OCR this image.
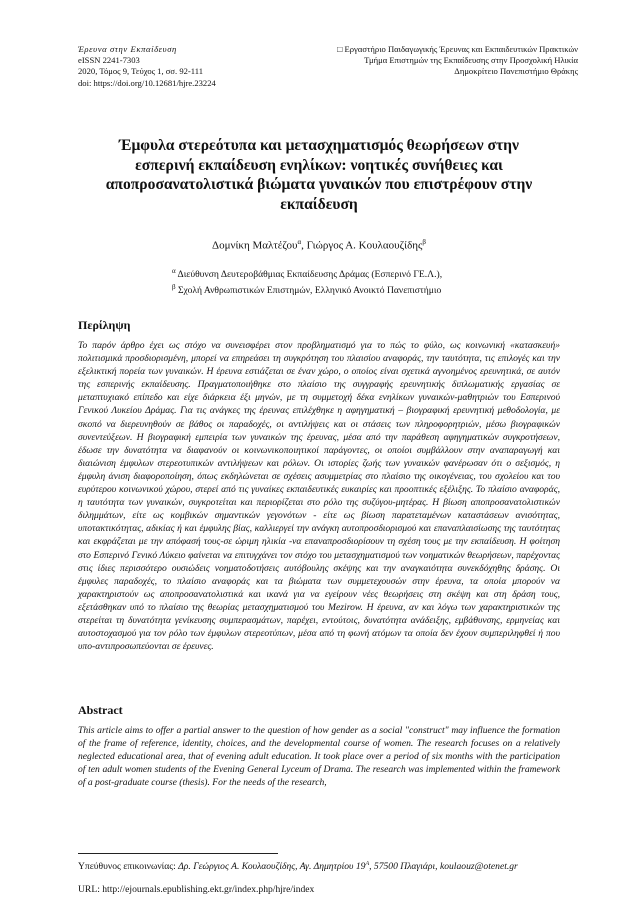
Έρευνα στην Εκπαίδευση
eISSN 2241-7303
2020, Τόμος 9, Τεύχος 1, σσ. 92-111
doi: https://doi.org/10.12681/hjre.23224
□ Εργαστήριο Παιδαγωγικής Έρευνας και Εκπαιδευτικών Πρακτικών
Τμήμα Επιστημών της Εκπαίδευσης στην Προσχολική Ηλικία
Δημοκρίτειο Πανεπιστήμιο Θράκης
Έμφυλα στερεότυπα και μετασχηματισμός θεωρήσεων στην
εσπερινή εκπαίδευση ενηλίκων: νοητικές συνήθειες και
αποπροσανατολιστικά βιώματα γυναικών που επιστρέφουν στην
εκπαίδευση
Δομνίκη Μαλτέζου$^\alpha$, Γιώργος Α. Κουλαουζίδης$^\beta$
$^\alpha$ Διεύθυνση Δευτεροβάθμιας Εκπαίδευσης Δράμας (Εσπερινό ΓΕ.Λ.),
$^\beta$ Σχολή Ανθρωπιστικών Επιστημών, Ελληνικό Ανοικτό Πανεπιστήμιο
Περίληψη
Το παρόν άρθρο έχει ως στόχο να συνεισφέρει στον προβληματισμό για το πώς το φύλο, ως κοινωνική «κατασκευή» πολιτισμικά προσδιορισμένη, μπορεί να επηρεάσει τη συγκρότηση του πλαισίου αναφοράς, την ταυτότητα, τις επιλογές και την εξελικτική πορεία των γυναικών. Η έρευνα εστιάζεται σε έναν χώρο, ο οποίος είναι σχετικά αγνοημένος ερευνητικά, σε αυτόν της εσπερινής εκπαίδευσης. Πραγματοποιήθηκε στο πλαίσιο της συγγραφής ερευνητικής διπλωματικής εργασίας σε μεταπτυχιακό επίπεδο και είχε διάρκεια έξι μηνών, με τη συμμετοχή δέκα ενηλίκων γυναικών-μαθητριών του Εσπερινού Γενικού Λυκείου Δράμας. Για τις ανάγκες της έρευνας επιλέχθηκε η αφηγηματική – βιογραφική ερευνητική μεθοδολογία, με σκοπό να διερευνηθούν σε βάθος οι παραδοχές, οι αντιλήψεις και οι στάσεις των πληροφορητριών, μέσω βιογραφικών συνεντεύξεων. Η βιογραφική εμπειρία των γυναικών της έρευνας, μέσα από την παράθεση αφηγηματικών συγκροτήσεων, έδωσε την δυνατότητα να διαφανούν οι κοινωνικοποιητικοί παράγοντες, οι οποίοι συμβάλλουν στην αναπαραγωγή και διαιώνιση έμφυλων στερεοτυπικών αντιλήψεων και ρόλων. Οι ιστορίες ζωής των γυναικών φανέρωσαν ότι ο σεξισμός, η έμφυλη άνιση διαφοροποίηση, όπως εκδηλώνεται σε σχέσεις ασυμμετρίας στο πλαίσιο της οικογένειας, του σχολείου και του ευρύτερου κοινωνικού χώρου, στερεί από τις γυναίκες εκπαιδευτικές ευκαιρίες και προοπτικές εξέλιξης. Το πλαίσιο αναφοράς, η ταυτότητα των γυναικών, συγκροτείται και περιορίζεται στο ρόλο της συζύγου-μητέρας. Η βίωση αποπροσανατολιστικών διλημμάτων, είτε ως κομβικών σημαντικών γεγονότων - είτε ως βίωση παρατεταμένων καταστάσεων ανισότητας, υποτακτικότητας, αδικίας ή και έμφυλης βίας, καλλιεργεί την ανάγκη αυτοπροσδιορισμού και επαναπλαισίωσης της ταυτότητας και εκφράζεται με την απόφασή τους-σε ώριμη ηλικία -να επαναπροσδιορίσουν τη σχέση τους με την εκπαίδευση. Η φοίτηση στο Εσπερινό Γενικό Λύκειο φαίνεται να επιτυγχάνει τον στόχο του μετασχηματισμού των νοηματικών θεωρήσεων, παρέχοντας στις ίδιες περισσότερο ουσιώδεις νοηματοδοτήσεις αυτόβουλης σκέψης και την αναγκαιότητα συνεκδόχηθης δράσης. Οι έμφυλες παραδοχές, το πλαίσιο αναφοράς και τα βιώματα των συμμετεχουσών στην έρευνα, τα οποία μπορούν να χαρακτηριστούν ως αποπροσανατολιστικά και ικανά για να εγείρουν νέες θεωρήσεις στη σκέψη και στη δράση τους, εξετάσθηκαν υπό το πλαίσιο της θεωρίας μετασχηματισμού του Mezirow. Η έρευνα, αν και λόγω των χαρακτηριστικών της στερείται τη δυνατότητα γενίκευσης συμπερασμάτων, παρέχει, εντούτοις, δυνατότητα ανάδειξης, εμβάθυνσης, ερμηνείας και αυτοστοχασμού για τον ρόλο των έμφυλων στερεοτύπων, μέσα από τη φωνή ατόμων τα οποία δεν έχουν συμπεριληφθεί ή που υπο-αντιπροσωπεύονται σε έρευνες.
Abstract
This article aims to offer a partial answer to the question of how gender as a social "construct" may influence the formation of the frame of reference, identity, choices, and the developmental course of women. The research focuses on a relatively neglected educational area, that of evening adult education. It took place over a period of six months with the participation of ten adult women students of the Evening General Lyceum of Drama. The research was implemented within the framework of a post-graduate course (thesis). For the needs of the research,
Υπεύθυνος επικοινωνίας: Δρ. Γεώργιος Α. Κουλαουζίδης, Αγ. Δημητρίου $19^A$, 57500 Πλαγιάρι, koulaouz@otenet.gr
URL: http://ejournals.epublishing.ekt.gr/index.php/hjre/index
